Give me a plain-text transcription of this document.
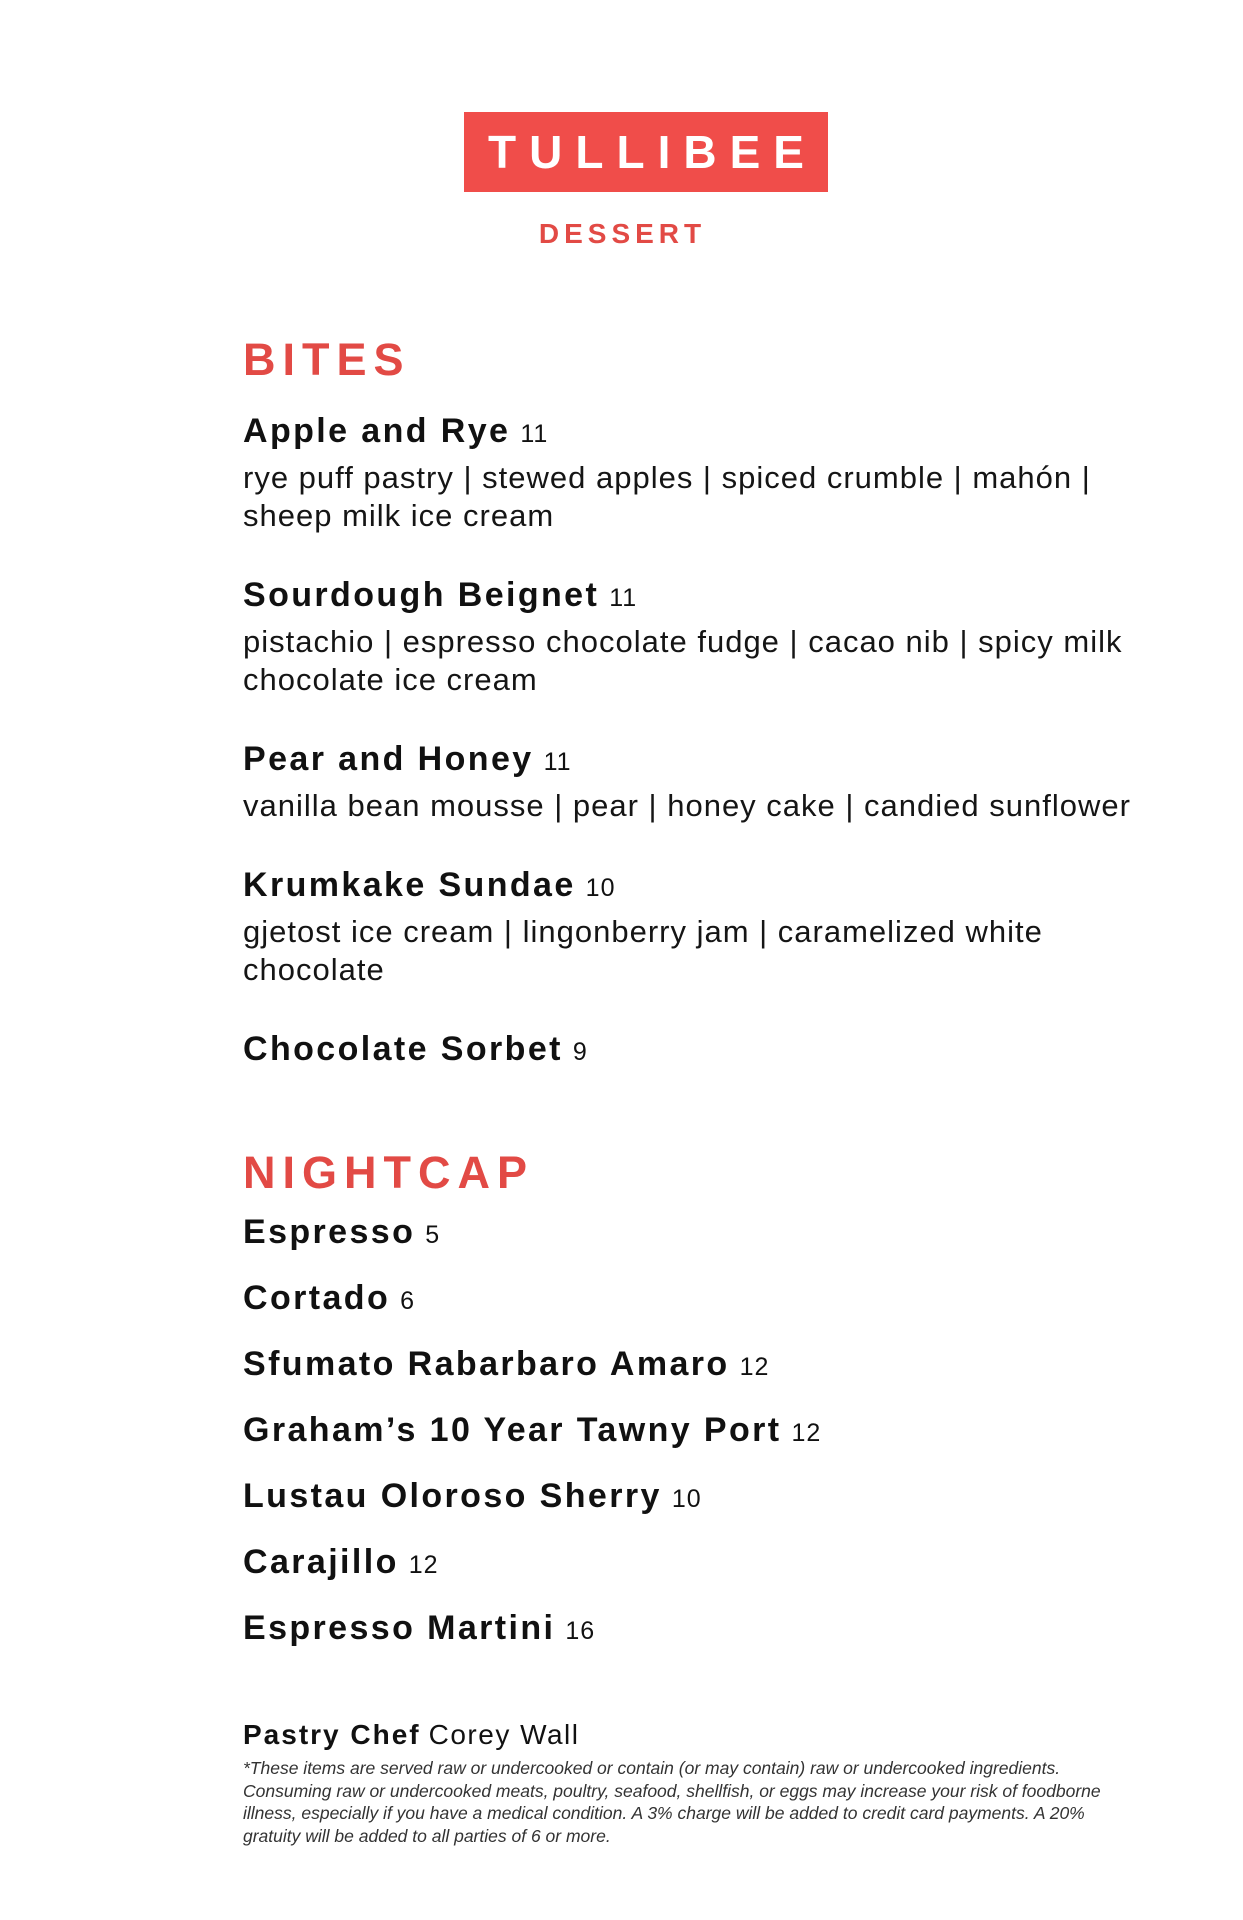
TULLIBEE
DESSERT
BITES
Apple and Rye 11
rye puff pastry | stewed apples | spiced crumble | mahón | sheep milk ice cream
Sourdough Beignet 11
pistachio | espresso chocolate fudge | cacao nib | spicy milk chocolate ice cream
Pear and Honey 11
vanilla bean mousse | pear | honey cake | candied sunflower
Krumkake Sundae 10
gjetost ice cream | lingonberry jam | caramelized white chocolate
Chocolate Sorbet 9
NIGHTCAP
Espresso 5
Cortado 6
Sfumato Rabarbaro Amaro 12
Graham’s 10 Year Tawny Port 12
Lustau Oloroso Sherry 10
Carajillo 12
Espresso Martini 16
Pastry Chef Corey Wall
*These items are served raw or undercooked or contain (or may contain) raw or undercooked ingredients. Consuming raw or undercooked meats, poultry, seafood, shellfish, or eggs may increase your risk of foodborne illness, especially if you have a medical condition. A 3% charge will be added to credit card payments. A 20% gratuity will be added to all parties of 6 or more.
